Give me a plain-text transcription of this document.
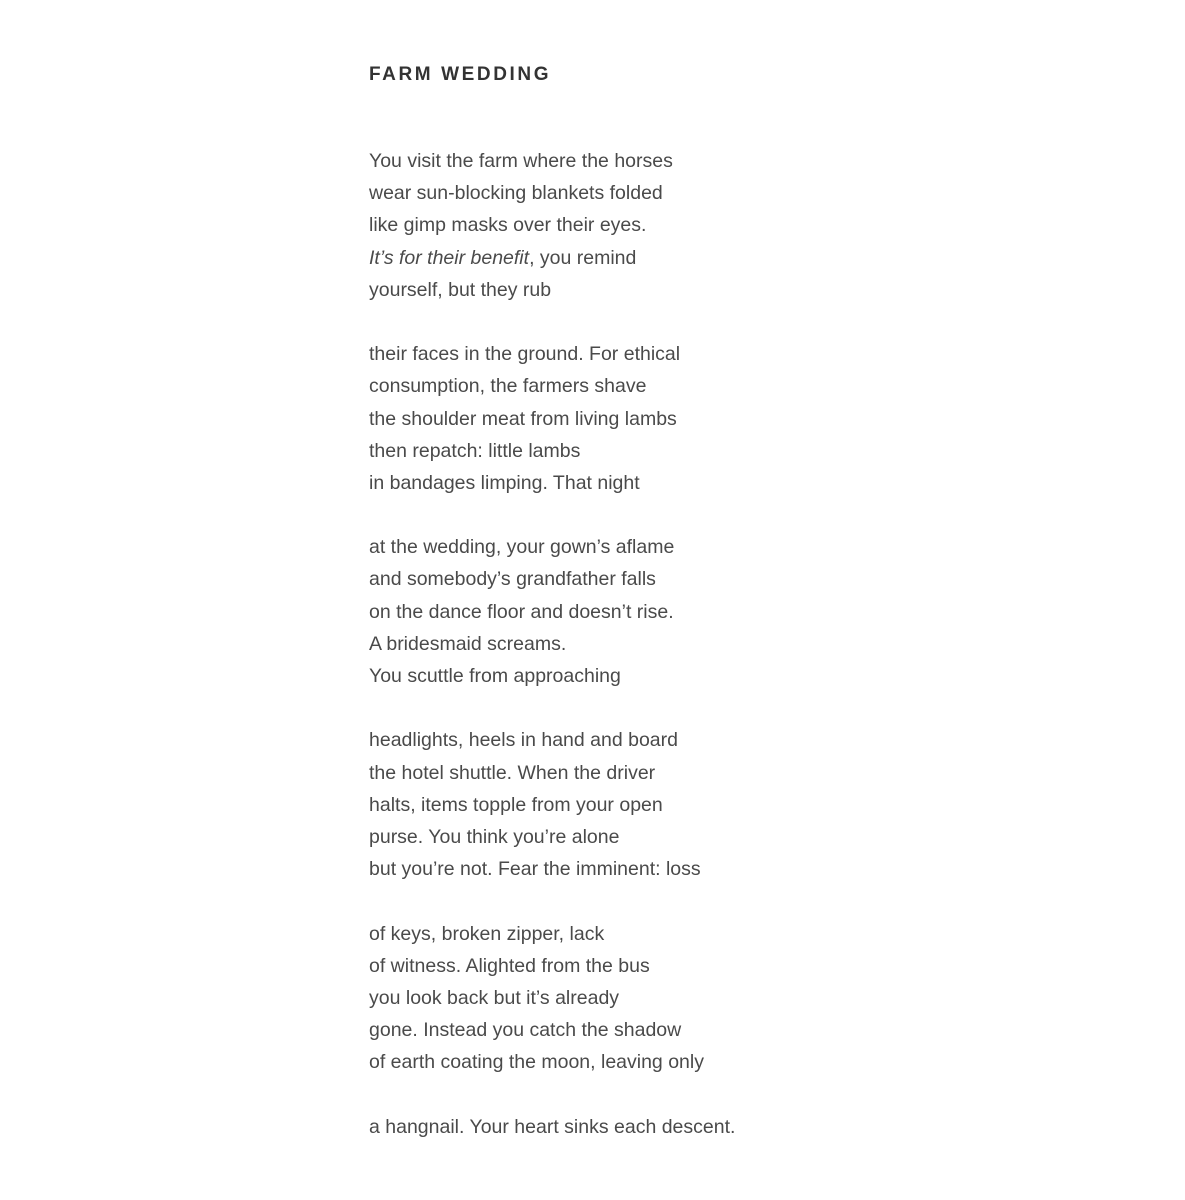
FARM WEDDING
You visit the farm where the horses
wear sun-blocking blankets folded
like gimp masks over their eyes.
It’s for their benefit, you remind
yourself, but they rub
their faces in the ground. For ethical
consumption, the farmers shave
the shoulder meat from living lambs
then repatch: little lambs
in bandages limping. That night
at the wedding, your gown’s aflame
and somebody’s grandfather falls
on the dance floor and doesn’t rise.
A bridesmaid screams.
You scuttle from approaching
headlights, heels in hand and board
the hotel shuttle. When the driver
halts, items topple from your open
purse. You think you’re alone
but you’re not. Fear the imminent: loss
of keys, broken zipper, lack
of witness. Alighted from the bus
you look back but it’s already
gone. Instead you catch the shadow
of earth coating the moon, leaving only
a hangnail. Your heart sinks each descent.
